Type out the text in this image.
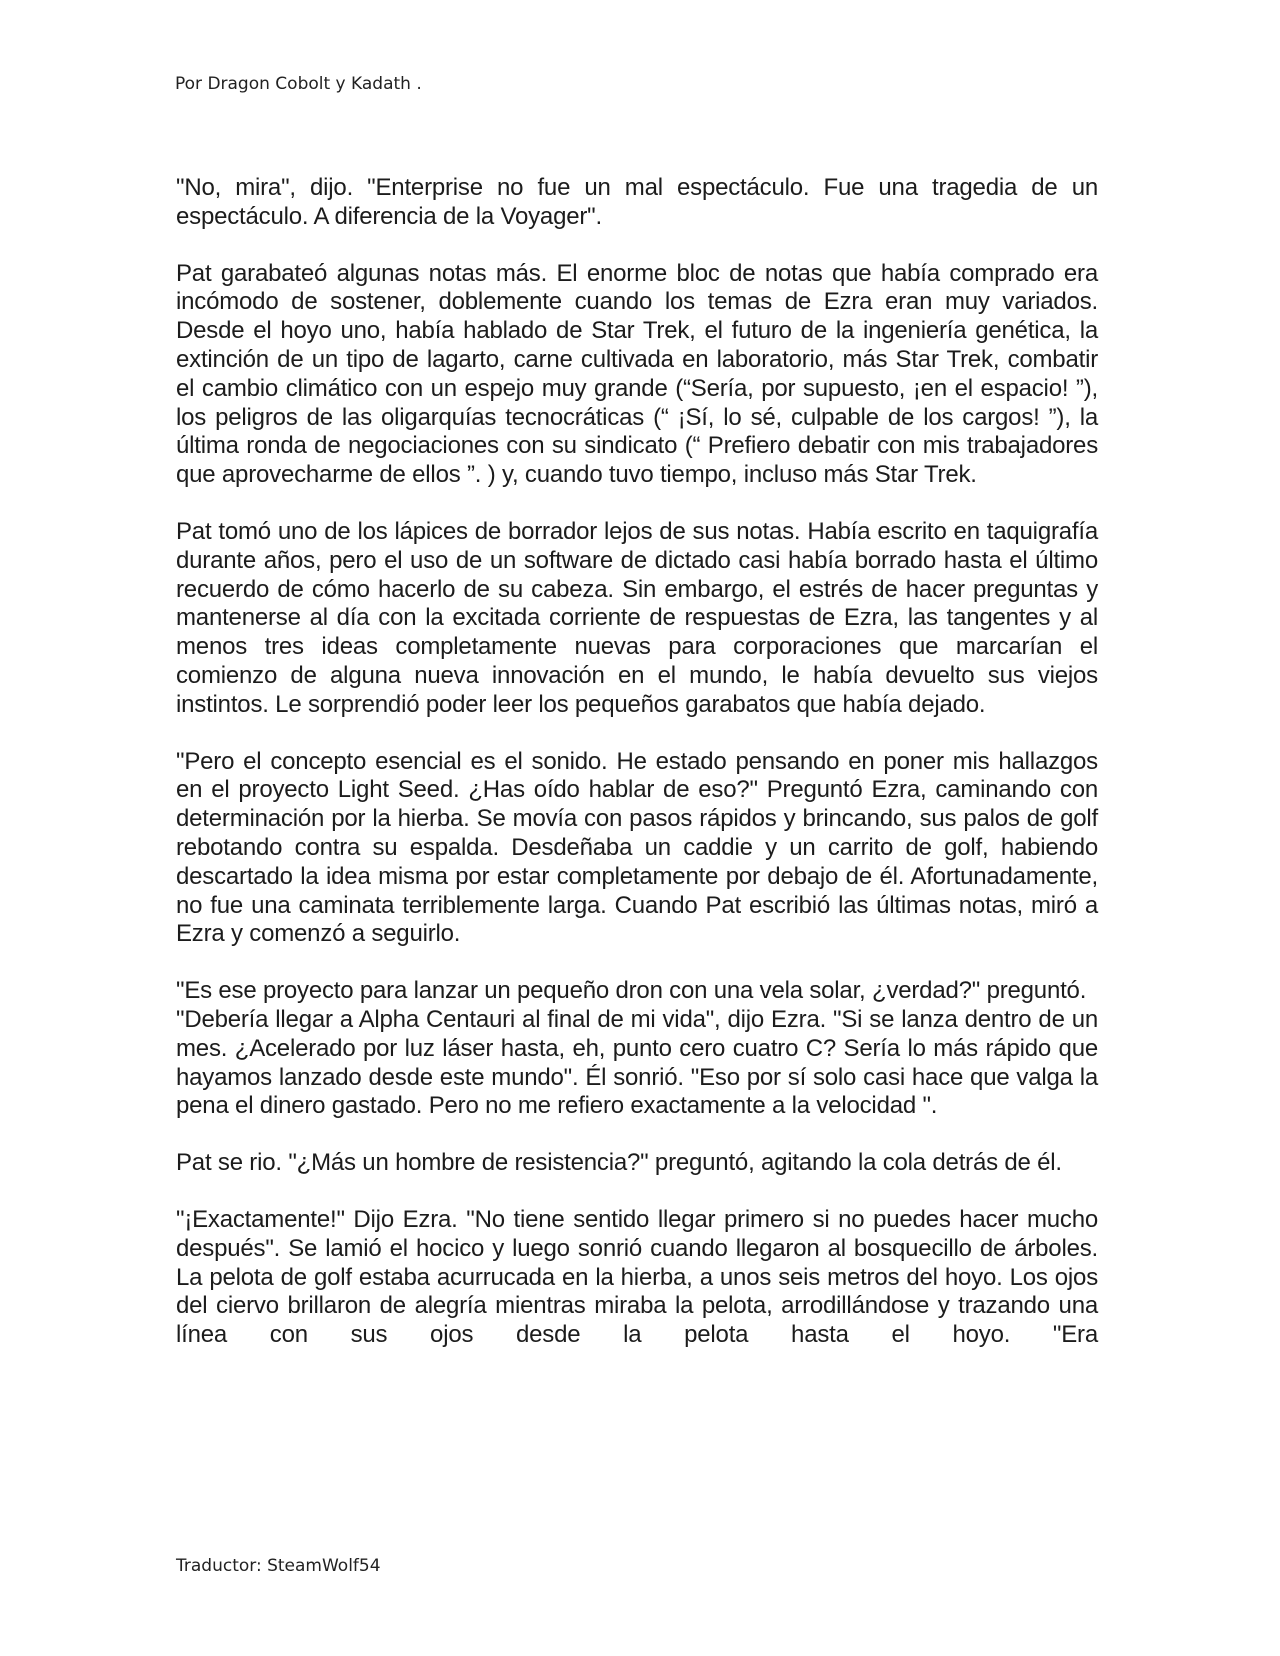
Por Dragon Cobolt y Kadath .

"No, mira", dijo. "Enterprise no fue un mal espectáculo. Fue una tragedia de un espectáculo. A diferencia de la Voyager".

Pat garabateó algunas notas más. El enorme bloc de notas que había comprado era incómodo de sostener, doblemente cuando los temas de Ezra eran muy variados. Desde el hoyo uno, había hablado de Star Trek, el futuro de la ingeniería genética, la extinción de un tipo de lagarto, carne cultivada en laboratorio, más Star Trek, combatir el cambio climático con un espejo muy grande (“Sería, por supuesto, ¡en el espacio! ”), los peligros de las oligarquías tecnocráticas (“ ¡Sí, lo sé, culpable de los cargos! ”), la última ronda de negociaciones con su sindicato (“ Prefiero debatir con mis trabajadores que aprovecharme de ellos ”. ) y, cuando tuvo tiempo, incluso más Star Trek.

Pat tomó uno de los lápices de borrador lejos de sus notas. Había escrito en taquigrafía durante años, pero el uso de un software de dictado casi había borrado hasta el último recuerdo de cómo hacerlo de su cabeza. Sin embargo, el estrés de hacer preguntas y mantenerse al día con la excitada corriente de respuestas de Ezra, las tangentes y al menos tres ideas completamente nuevas para corporaciones que marcarían el comienzo de alguna nueva innovación en el mundo, le había devuelto sus viejos instintos. Le sorprendió poder leer los pequeños garabatos que había dejado.

"Pero el concepto esencial es el sonido. He estado pensando en poner mis hallazgos en el proyecto Light Seed. ¿Has oído hablar de eso?" Preguntó Ezra, caminando con determinación por la hierba. Se movía con pasos rápidos y brincando, sus palos de golf rebotando contra su espalda. Desdeñaba un caddie y un carrito de golf, habiendo descartado la idea misma por estar completamente por debajo de él. Afortunadamente, no fue una caminata terriblemente larga. Cuando Pat escribió las últimas notas, miró a Ezra y comenzó a seguirlo.

"Es ese proyecto para lanzar un pequeño dron con una vela solar, ¿verdad?" preguntó.

"Debería llegar a Alpha Centauri al final de mi vida", dijo Ezra. "Si se lanza dentro de un mes. ¿Acelerado por luz láser hasta, eh, punto cero cuatro C? Sería lo más rápido que hayamos lanzado desde este mundo". Él sonrió. "Eso por sí solo casi hace que valga la pena el dinero gastado. Pero no me refiero exactamente a la velocidad ".

Pat se rio. "¿Más un hombre de resistencia?" preguntó, agitando la cola detrás de él.

"¡Exactamente!" Dijo Ezra. "No tiene sentido llegar primero si no puedes hacer mucho después". Se lamió el hocico y luego sonrió cuando llegaron al bosquecillo de árboles. La pelota de golf estaba acurrucada en la hierba, a unos seis metros del hoyo. Los ojos del ciervo brillaron de alegría mientras miraba la pelota, arrodillándose y trazando una línea con sus ojos desde la pelota hasta el hoyo. "Era

Traductor: SteamWolf54
